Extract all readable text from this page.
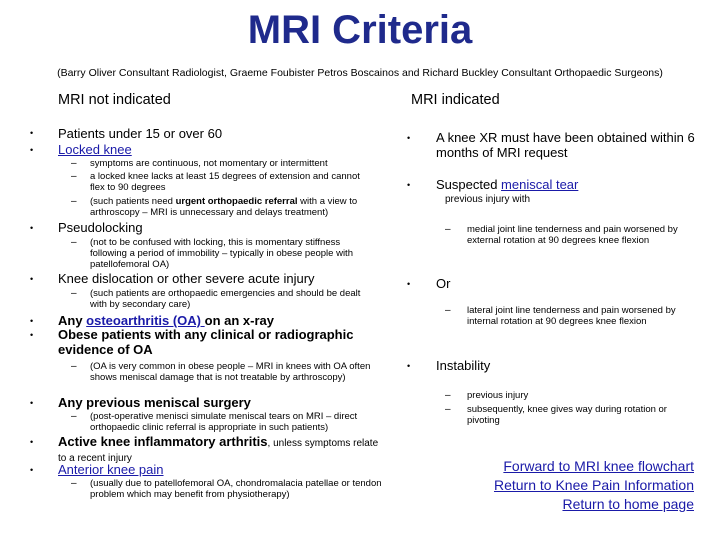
MRI Criteria
(Barry Oliver Consultant Radiologist, Graeme Foubister Petros Boscainos and Richard Buckley Consultant Orthopaedic Surgeons)
MRI not indicated	MRI indicated
• Patients under 15 or over 60
• Locked knee
– symptoms are continuous, not momentary or intermittent
– a locked knee lacks at least 15 degrees of extension and cannot flex to 90 degrees
– (such patients need urgent orthopaedic referral with a view to arthroscopy – MRI is unnecessary and delays treatment)
• Pseudolocking
– (not to be confused with locking, this is momentary stiffness following a period of immobility – typically in obese people with patellofemoral OA)
• Knee dislocation or other severe acute injury
– (such patients are orthopaedic emergencies and should be dealt with by secondary care)
• Any osteoarthritis (OA) on an x-ray
• Obese patients with any clinical or radiographic evidence of OA
– (OA is very common in obese people – MRI in knees with OA often shows meniscal damage that is not treatable by arthroscopy)
• Any previous meniscal surgery
– (post-operative menisci simulate meniscal tears on MRI – direct orthopaedic clinic referral is appropriate in such patients)
• Active knee inflammatory arthritis, unless symptoms relate to a recent injury
• Anterior knee pain
– (usually due to patellofemoral OA, chondromalacia patellae or tendon problem which may benefit from physiotherapy)
• A knee XR must have been obtained within 6 months of MRI request
• Suspected meniscal tear
previous injury with
– medial joint line tenderness and pain worsened by external rotation at 90 degrees knee flexion
• Or
– lateral joint line tenderness and pain worsened by internal rotation at 90 degrees knee flexion
• Instability
– previous injury
– subsequently, knee gives way during rotation or pivoting
Forward to MRI knee flowchart
Return to Knee Pain Information
Return to home page
